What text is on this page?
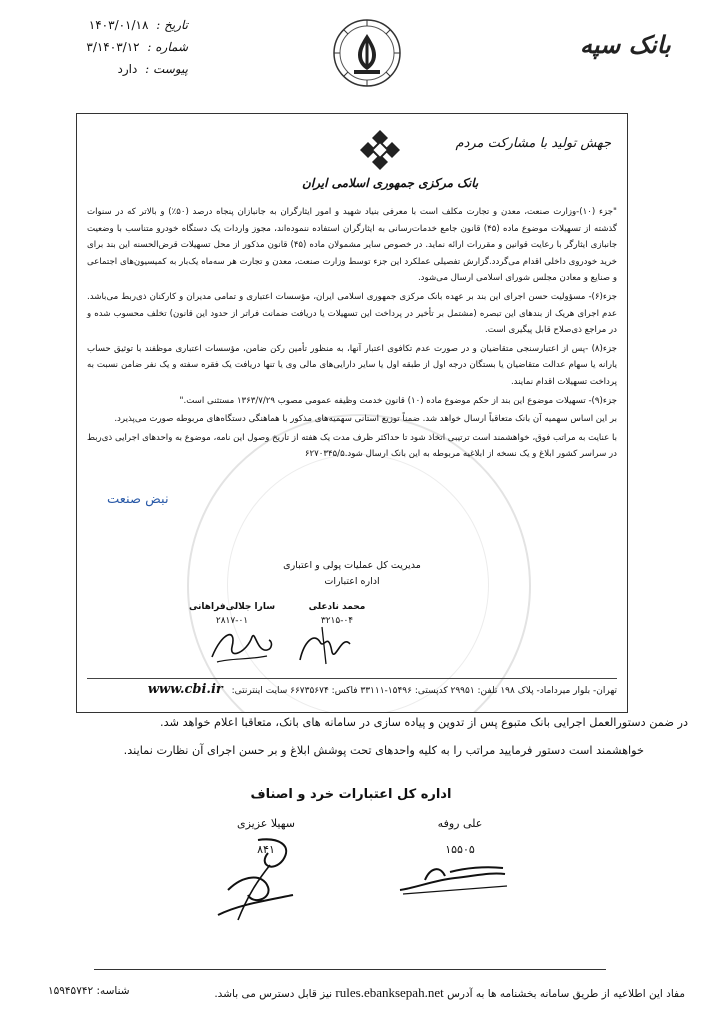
تاریخ : ۱۴۰۳/۰۱/۱۸
شماره : ۳/۱۴۰۳/۱۲
پیوست : دارد
بانک سپه
جهش تولید با مشارکت مردم
بانک مرکزی جمهوری اسلامی ایران

"جزء (۱۰)-وزارت صنعت، معدن و تجارت مکلف است با معرفی بنیاد شهید و امور ایثارگران به جانبازان پنجاه درصد (۵۰٪) و بالاتر که در سنوات گذشته از تسهیلات موضوع ماده (۴۵) قانون جامع خدمات‌رسانی به ایثارگران استفاده ننموده‌اند، مجوز واردات یک دستگاه خودرو متناسب با وضعیت جانبازی ایثارگر با رعایت قوانین و مقررات ارائه نماید. در خصوص سایر مشمولان ماده (۴۵) قانون مذکور از محل تسهیلات قرض‌الحسنه این بند برای خرید خودروی داخلی اقدام می‌گردد.گزارش تفصیلی عملکرد این جزء توسط وزارت صنعت، معدن و تجارت هر سه‌ماه یک‌بار به کمیسیون‌های اجتماعی و صنایع و معادن مجلس شورای اسلامی ارسال می‌شود.

جزء(۶)- مسؤولیت حسن اجرای این بند بر عهده بانک مرکزی جمهوری اسلامی ایران، مؤسسات اعتباری و تمامی مدیران و کارکنان ذی‌ربط می‌باشد. عدم اجرای هریک از بندهای این تبصره (مشتمل بر تأخیر در پرداخت این تسهیلات یا دریافت ضمانت فراتر از حدود این قانون) تخلف محسوب شده و در مراجع ذی‌صلاح قابل پیگیری است.

جزء(۸) -پس از اعتبارسنجی متقاضیان و در صورت عدم تکافوی اعتبار آنها، به منظور تأمین رکن ضامن، مؤسسات اعتباری موظفند با توثیق حساب یارانه یا سهام عدالت متقاضیان یا بستگان درجه اول از طبقه اول یا سایر دارایی‌های مالی وی یا تنها دریافت یک فقره سفته و یک نفر ضامن نسبت به پرداخت تسهیلات اقدام نمایند.

جزء(۹)- تسهیلات موضوع این بند از حکم موضوع ماده (۱۰) قانون خدمت وظیفه عمومی مصوب ۱۳۶۳/۷/۲۹ مستثنی است."

بر این اساس سهمیه آن بانک متعاقباً ارسال خواهد شد. ضمناً توزیع استانی سهمیه‌های مذکور با هماهنگی دستگاه‌های مربوطه صورت می‌پذیرد.

با عنایت به مراتب فوق، خواهشمند است ترتیبی اتخاذ شود تا حداکثر ظرف مدت یک هفته از تاریخ وصول این نامه، موضوع به واحدهای اجرایی ذی‌ربط در سراسر کشور ابلاغ و یک نسخه از ابلاغیه مربوطه به این بانک ارسال شود.۶۲۷۰۳۴۵/۵

نبض صنعت
مدیریت کل عملیات پولی و اعتباری
اداره اعتبارات
سارا جلالی‌فراهانی
۲۸۱۷-۰۱
محمد نادعلی
۳۲۱۵-۰۴
تهران- بلوار میرداماد- پلاک ۱۹۸ تلفن: ۲۹۹۵۱ کدپستی: ۱۵۴۹۶-۳۳۱۱۱ فاکس: ۶۶۷۳۵۶۷۴ سایت اینترنتی: www.cbi.ir
در ضمن دستورالعمل اجرایی بانک متبوع پس از تدوین و پیاده سازی در سامانه های بانک، متعاقبا اعلام خواهد شد.
خواهشمند است دستور فرمایید مراتب را به کلیه واحدهای تحت پوشش ابلاغ و بر حسن اجرای آن نظارت نمایند.
اداره کل اعتبارات خرد و اصناف
علی روفه
۱۵۵۰۵
سهیلا عزیزی
۸۴۱
مفاد این اطلاعیه از طریق سامانه بخشنامه ها به آدرس rules.ebanksepah.net نیز قابل دسترس می باشد.
شناسه: ۱۵۹۴۵۷۴۲
